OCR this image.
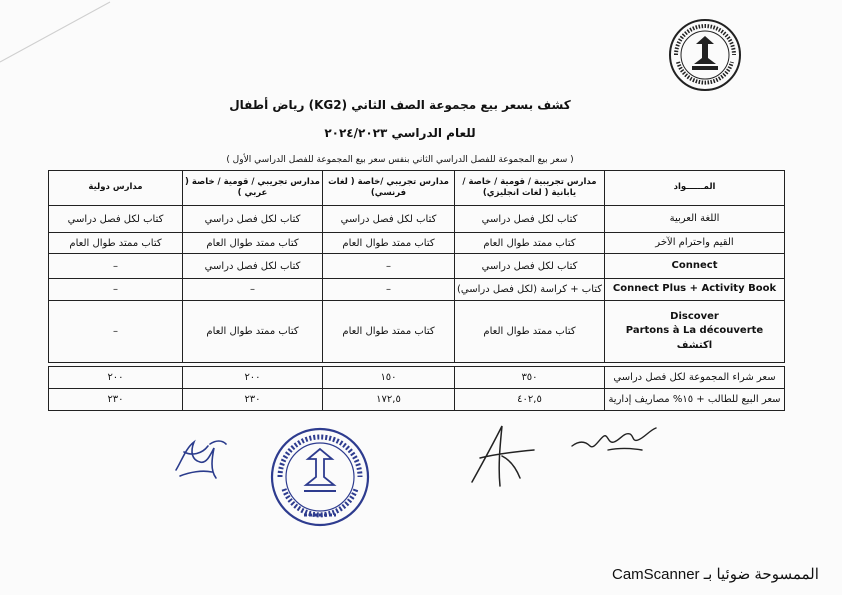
كشف بسعر بيع مجموعة الصف الثاني (KG2) رياض أطفال
للعام الدراسي ٢٠٢٤/٢٠٢٣
( سعر بيع المجموعة للفصل الدراسي الثاني بنفس سعر بيع المجموعة للفصل الدراسي الأول )
المــــــواد	مدارس تجريبية / قومية / خاصة / يابانية ( لغات انجليزي)	مدارس تجريبي /خاصة ( لغات فرنسي)	مدارس تجريبي / قومية / خاصة ( عربي )	مدارس دولية
اللغة العربية	كتاب لكل فصل دراسي	كتاب لكل فصل دراسي	كتاب لكل فصل دراسي	كتاب لكل فصل دراسي
القيم واحترام الآخر	كتاب ممتد طوال العام	كتاب ممتد طوال العام	كتاب ممتد طوال العام	كتاب ممتد طوال العام
Connect	كتاب لكل فصل دراسي	–	كتاب لكل فصل دراسي	–
Connect Plus + Activity Book	كتاب + كراسة (لكل فصل دراسي)	–	–	–

Discover
Partons à La découverte
اكتشف	كتاب ممتد طوال العام	كتاب ممتد طوال العام	كتاب ممتد طوال العام	–

سعر شراء المجموعة لكل فصل دراسي	٣٥٠	١٥٠	٢٠٠	٢٠٠
سعر البيع للطالب + ١٥% مصاريف إدارية	٤٠٢,٥	١٧٢,٥	٢٣٠	٢٣٠
الممسوحة ضوئيا بـ CamScanner
